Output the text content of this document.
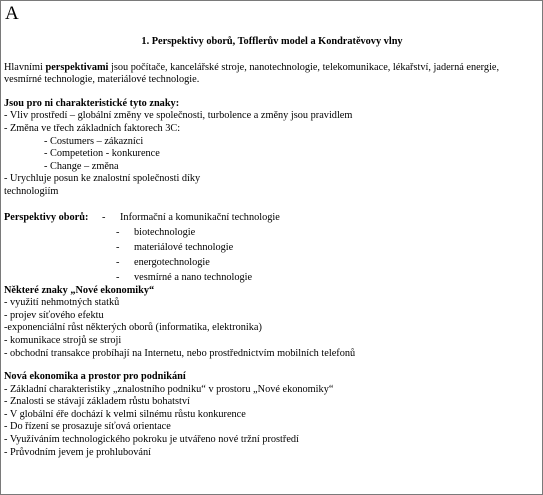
A

1. Perspektivy oborů, Tofflerův model a Kondratěvovy vlny

Hlavními perspektivami jsou počítače, kancelářské stroje, nanotechnologie, telekomunikace, lékařství, jaderná energie,

vesmírné technologie, materiálové technologie.

Jsou pro ni charakteristické tyto znaky:

- Vliv prostředí – globální změny ve společnosti, turbolence a změny jsou pravidlem

- Změna ve třech základních faktorech 3C:

- Costumers – zákazníci

- Competetion - konkurence

- Change – změna

- Urychluje posun ke znalostní společnosti díky

technologiím

Perspektivy oborů:	-	Informační a komunikační technologie
-	biotechnologie
-	materiálové technologie
-	energotechnologie
-	vesmírné a nano technologie

Některé znaky „Nové ekonomiky“

- využití nehmotných statků

- projev síťového efektu

-exponenciální růst některých oborů (informatika, elektronika)

- komunikace strojů se stroji

- obchodní transakce probíhají na Internetu, nebo prostřednictvím mobilních telefonů

Nová ekonomika a prostor pro podnikání

- Základní charakteristiky „znalostního podniku“ v prostoru „Nové ekonomiky“

- Znalosti se stávají základem růstu bohatství

- V globální éře dochází k velmi silnému růstu konkurence

- Do řízení se prosazuje síťová orientace

- Využíváním technologického pokroku je utvářeno nové tržní prostředí

- Průvodním jevem je prohlubování
